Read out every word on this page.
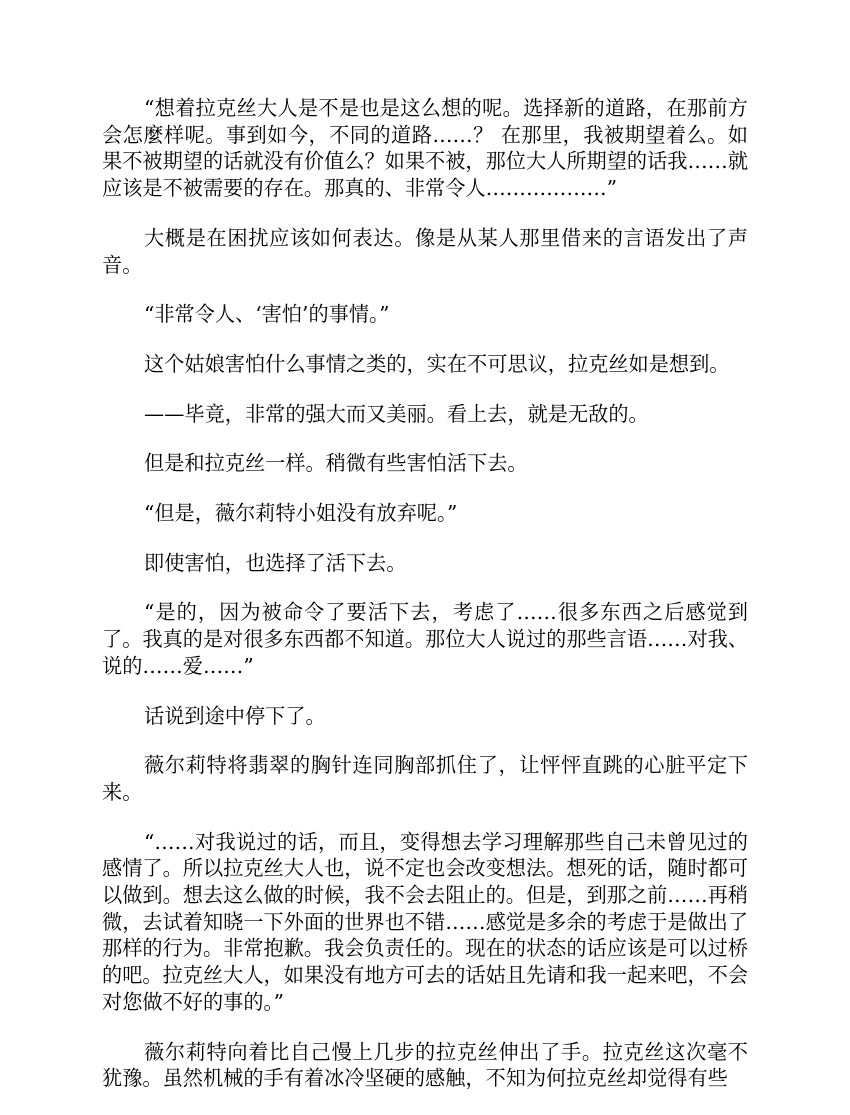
“想着拉克丝大人是不是也是这么想的呢。选择新的道路，在那前方会怎麼样呢。事到如今，不同的道路……？ 在那里，我被期望着么。如果不被期望的话就没有价值么？如果不被，那位大人所期望的话我……就应该是不被需要的存在。那真的、非常令人………………”

大概是在困扰应该如何表达。像是从某人那里借来的言语发出了声音。

“非常令人、‘害怕’的事情。”

这个姑娘害怕什么事情之类的，实在不可思议，拉克丝如是想到。

——毕竟，非常的强大而又美丽。看上去，就是无敌的。

但是和拉克丝一样。稍微有些害怕活下去。

“但是，薇尔莉特小姐没有放弃呢。”

即使害怕，也选择了活下去。

“是的，因为被命令了要活下去，考虑了……很多东西之后感觉到了。我真的是对很多东西都不知道。那位大人说过的那些言语……对我、说的……爱……”

话说到途中停下了。

薇尔莉特将翡翠的胸针连同胸部抓住了，让怦怦直跳的心脏平定下来。

“……对我说过的话，而且，变得想去学习理解那些自己未曾见过的感情了。所以拉克丝大人也，说不定也会改变想法。想死的话，随时都可以做到。想去这么做的时候，我不会去阻止的。但是，到那之前……再稍微，去试着知晓一下外面的世界也不错……感觉是多余的考虑于是做出了那样的行为。非常抱歉。我会负责任的。现在的状态的话应该是可以过桥的吧。拉克丝大人，如果没有地方可去的话姑且先请和我一起来吧，不会对您做不好的事的。”

薇尔莉特向着比自己慢上几步的拉克丝伸出了手。拉克丝这次毫不犹豫。虽然机械的手有着冰冷坚硬的感触，不知为何拉克丝却觉得有些
